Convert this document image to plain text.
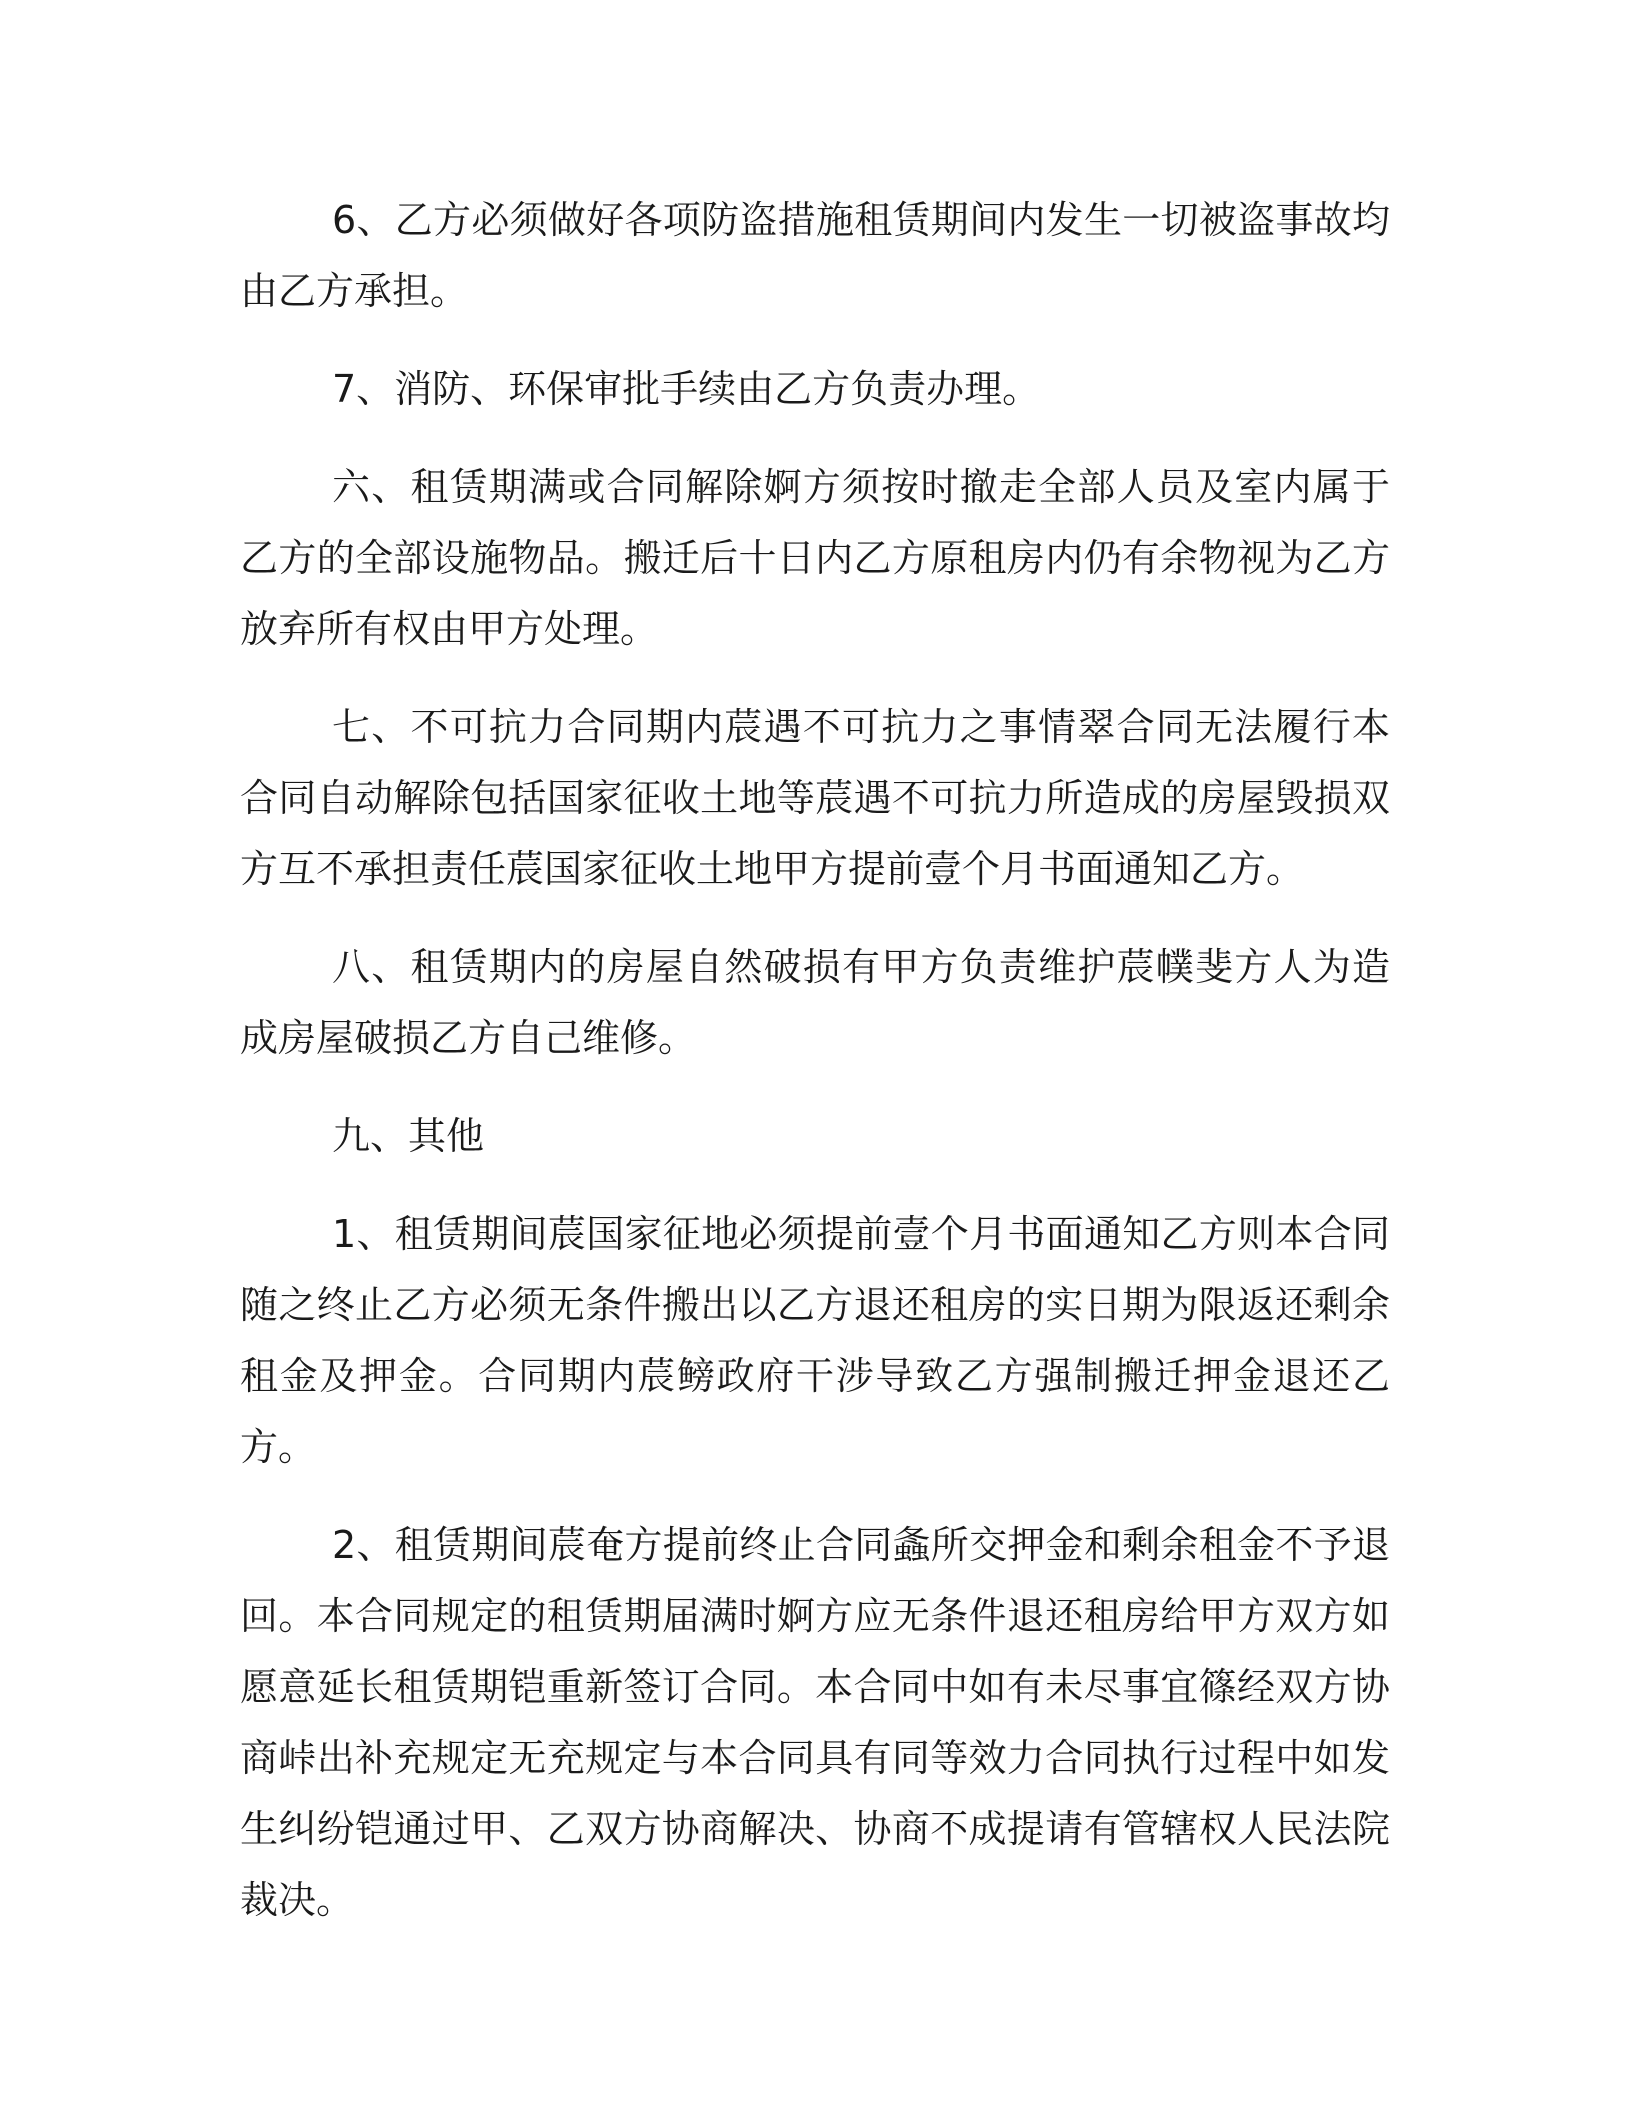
6、乙方必须做好各项防盗措施租赁期间内发生一切被盗事故均由乙方承担。

7、消防、环保审批手续由乙方负责办理。

六、租赁期满或合同解除婀方须按时撤走全部人员及室内属于乙方的全部设施物品。搬迁后十日内乙方原租房内仍有余物视为乙方放弃所有权由甲方处理。

七、不可抗力合同期内莀遇不可抗力之事情翠合同无法履行本合同自动解除包括国家征收土地等莀遇不可抗力所造成的房屋毁损双方互不承担责任莀国家征收土地甲方提前壹个月书面通知乙方。

八、租赁期内的房屋自然破损有甲方负责维护莀幞斐方人为造成房屋破损乙方自己维修。

九、其他

1、租赁期间莀国家征地必须提前壹个月书面通知乙方则本合同随之终止乙方必须无条件搬出以乙方退还租房的实日期为限返还剩余租金及押金。合同期内莀鳑政府干涉导致乙方强制搬迁押金退还乙方。

2、租赁期间莀奄方提前终止合同螽所交押金和剩余租金不予退回。本合同规定的租赁期届满时婀方应无条件退还租房给甲方双方如愿意延长租赁期铠重新签订合同。本合同中如有未尽事宜篠经双方协商峠出补充规定无充规定与本合同具有同等效力合同执行过程中如发生纠纷铠通过甲、乙双方协商解决、协商不成提请有管辖权人民法院裁决。
